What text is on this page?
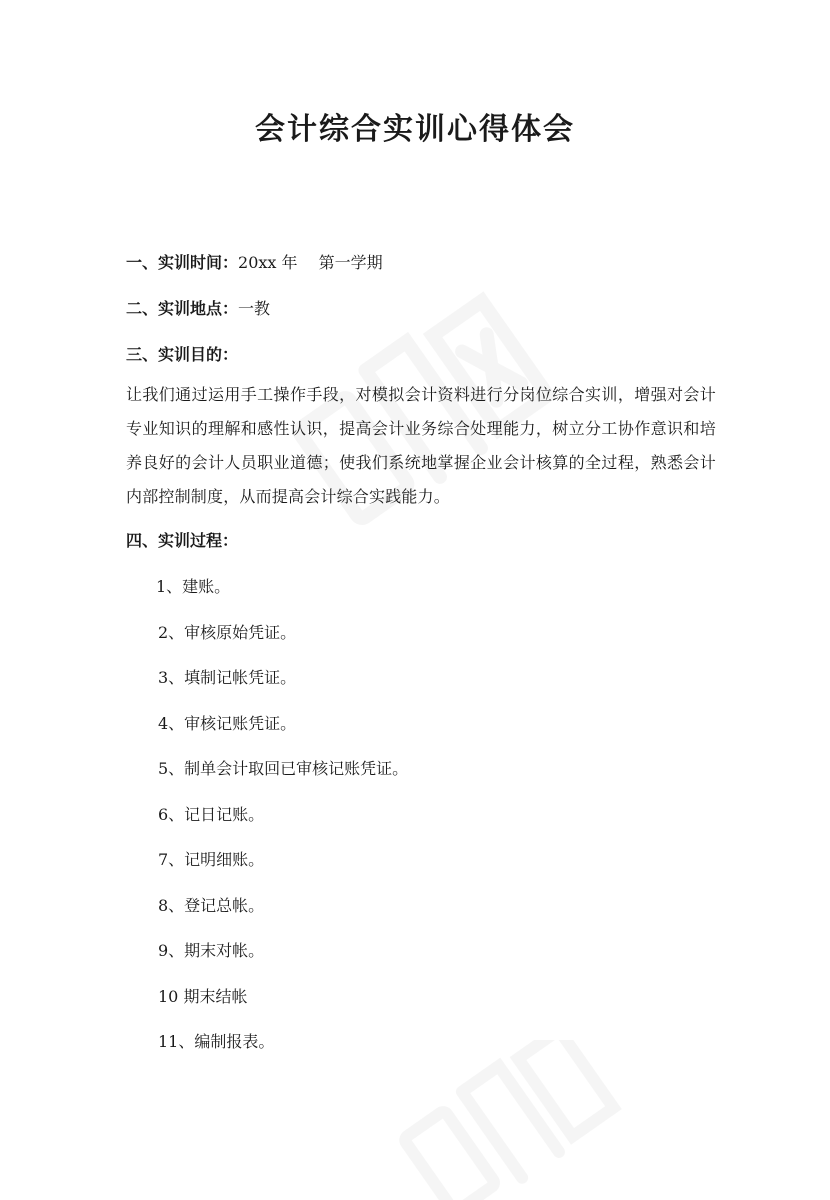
会计综合实训心得体会
一、实训时间：20xx 年　 第一学期
二、实训地点：一教
三、实训目的：
让我们通过运用手工操作手段，对模拟会计资料进行分岗位综合实训，增强对会计专业知识的理解和感性认识，提高会计业务综合处理能力，树立分工协作意识和培养良好的会计人员职业道德；使我们系统地掌握企业会计核算的全过程，熟悉会计内部控制制度，从而提高会计综合实践能力。
四、实训过程：
1、建账。
2、审核原始凭证。
3、填制记帐凭证。
4、审核记账凭证。
5、制单会计取回已审核记账凭证。
6、记日记账。
7、记明细账。
8、登记总帐。
9、期末对帐。
10 期末结帐
11、编制报表。
